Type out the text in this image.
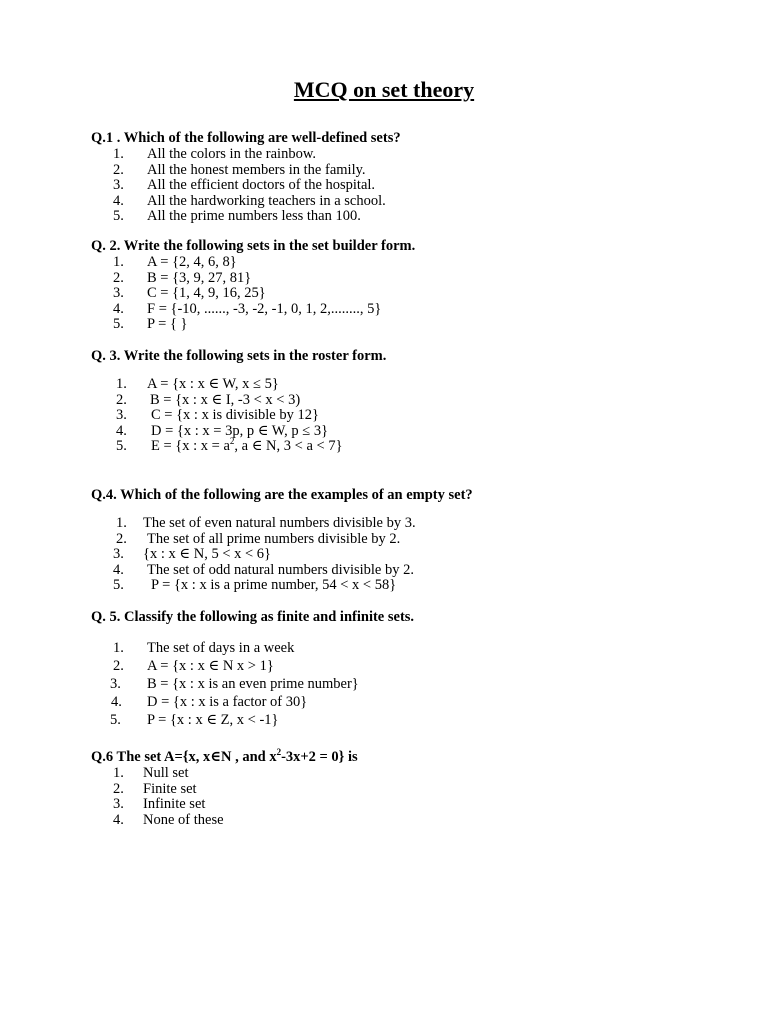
MCQ on set theory
Q.1 . Which of the following are well-defined sets?
1.	All the colors in the rainbow.
2.	All the honest members in the family.
3.	All the efficient doctors of the hospital.
4.	All the hardworking teachers in a school.
5.	All the prime numbers less than 100.
Q. 2. Write the following sets in the set builder form.
1.	A = {2, 4, 6, 8}
2.	B = {3, 9, 27, 81}
3.	C = {1, 4, 9, 16, 25}
4.	F = {-10, ......, -3, -2, -1, 0, 1, 2,........, 5}
5.	P = { }
Q. 3. Write the following sets in the roster form.
1.	A = {x : x ∈ W, x ≤ 5}
2.	B = {x : x ∈ I, -3 < x < 3)
3.	C = {x : x is divisible by 12}
4.	D = {x : x = 3p, p ∈ W, p ≤ 3}
5.	E = {x : $x = a^2$, a ∈ N, 3 < a < 7}
Q.4. Which of the following are the examples of an empty set?
1.	The set of even natural numbers divisible by 3.
2.	The set of all prime numbers divisible by 2.
3.	{x : x ∈ N, 5 < x < 6}
4.	The set of odd natural numbers divisible by 2.
5.	P = {x : x is a prime number, 54 < x < 58}
Q. 5. Classify the following as finite and infinite sets.
1.	The set of days in a week
2.	A = {x : x ∈ N x > 1}
3.	B = {x : x is an even prime number}
4.	D = {x : x is a factor of 30}
5.	P = {x : x ∈ Z, x < -1}
Q.6 The set A={x, x∈N , and $x^2-3x+2 = 0$} is
1.	Null set
2.	Finite set
3.	Infinite set
4.	None of these
